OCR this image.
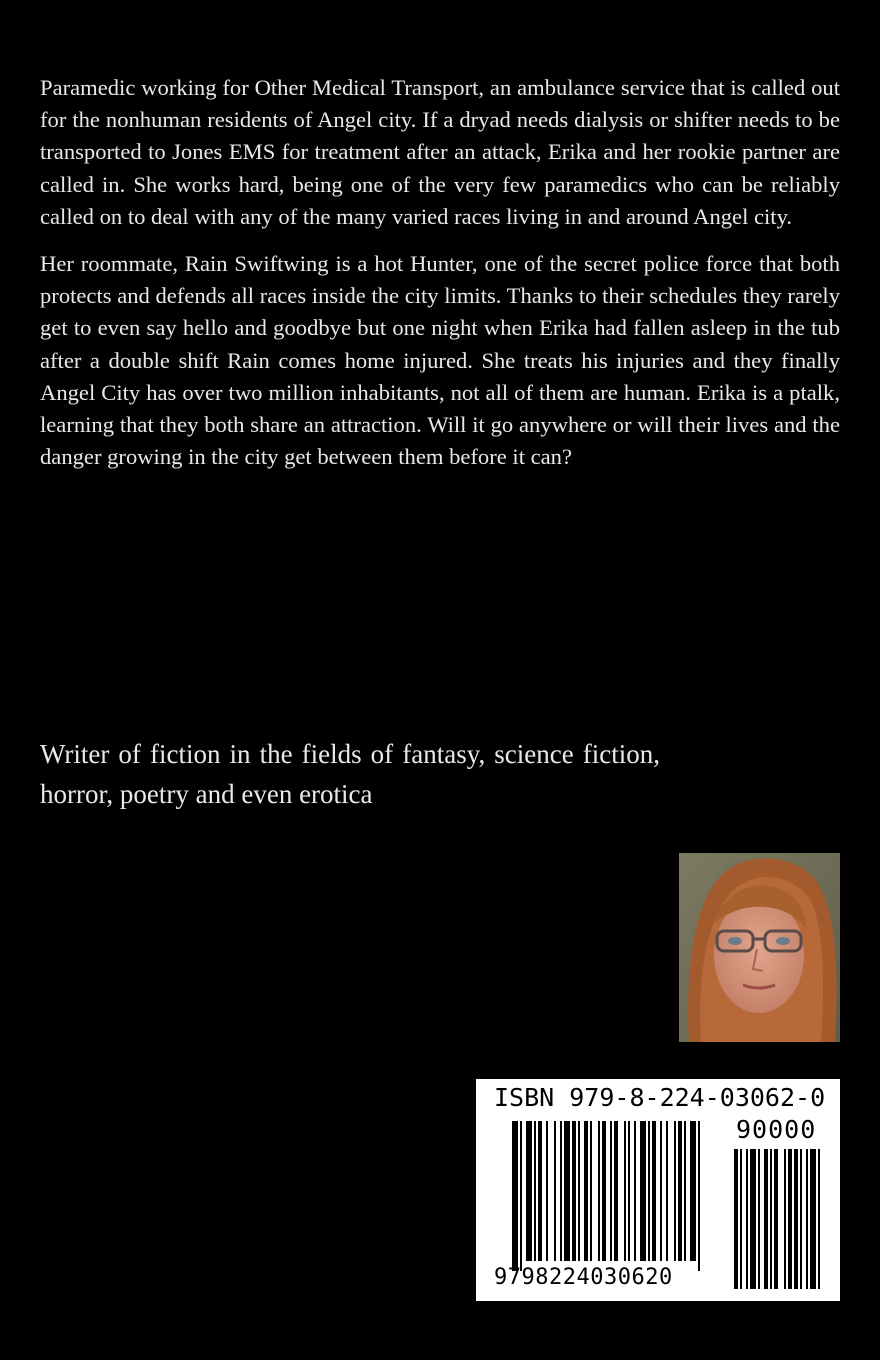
Paramedic working for Other Medical Transport, an ambulance service that is called out for the nonhuman residents of Angel city. If a dryad needs dialysis or shifter needs to be transported to Jones EMS for treatment after an attack, Erika and her rookie partner are called in. She works hard, being one of the very few paramedics who can be reliably called on to deal with any of the many varied races living in and around Angel city.

Her roommate, Rain Swiftwing is a hot Hunter, one of the secret police force that both protects and defends all races inside the city limits. Thanks to their schedules they rarely get to even say hello and goodbye but one night when Erika had fallen asleep in the tub after a double shift Rain comes home injured. She treats his injuries and they finally Angel City has over two million inhabitants, not all of them are human. Erika is a ptalk, learning that they both share an attraction. Will it go anywhere or will their lives and the danger growing in the city get between them before it can?

Writer of fiction in the fields of fantasy, science fiction, horror, poetry and even erotica

ISBN 979-8-224-03062-0
90000
9798224030620
